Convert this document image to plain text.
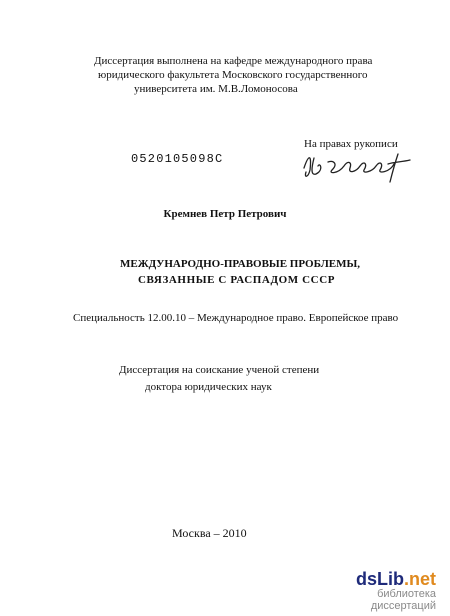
Диссертация выполнена на кафедре международного права
юридического факультета Московского государственного
университета им. М.В.Ломоносова
На правах рукописи
0520105098C
Кремнев Петр Петрович
МЕЖДУНАРОДНО-ПРАВОВЫЕ ПРОБЛЕМЫ,
СВЯЗАННЫЕ С РАСПАДОМ СССР
Специальность 12.00.10 – Международное право. Европейское право
Диссертация на соискание ученой степени
доктора юридических наук
Москва – 2010
dsLib.net
библиотека диссертаций
